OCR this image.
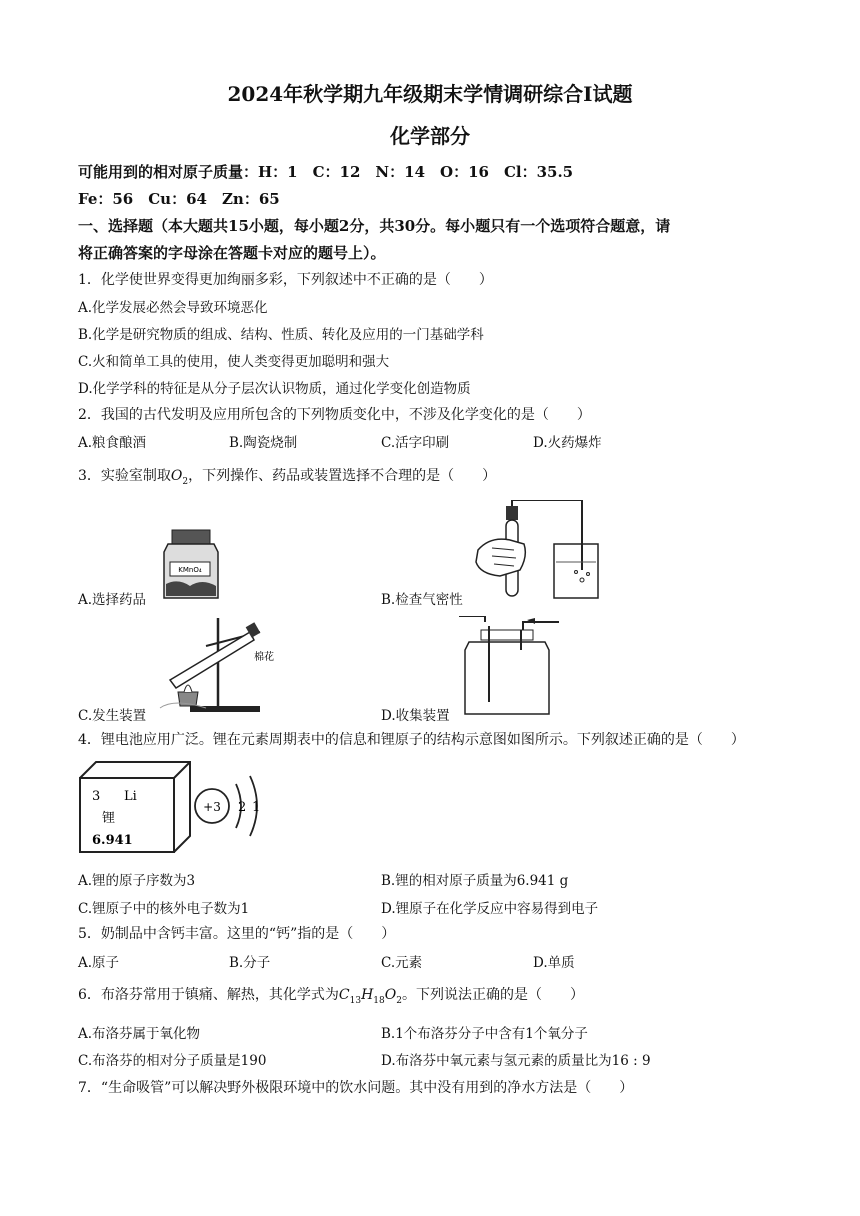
2024年秋学期九年级期末学情调研综合I试题
化学部分
可能用到的相对原子质量：H：1　C：12　N：14　O：16　Cl：35.5
Fe：56　Cu：64　Zn：65
一、选择题（本大题共15小题，每小题2分，共30分。每小题只有一个选项符合题意，请
将正确答案的字母涂在答题卡对应的题号上）。
1．化学使世界变得更加绚丽多彩，下列叙述中不正确的是（　　）
A.化学发展必然会导致环境恶化
B.化学是研究物质的组成、结构、性质、转化及应用的一门基础学科
C.火和简单工具的使用，使人类变得更加聪明和强大
D.化学学科的特征是从分子层次认识物质，通过化学变化创造物质
2．我国的古代发明及应用所包含的下列物质变化中，不涉及化学变化的是（　　）
A.粮食酿酒	B.陶瓷烧制	C.活字印刷	D.火药爆炸
3．实验室制取$O_2$，下列操作、药品或装置选择不合理的是（　　）
KMnO₄
A.选择药品	B.检查气密性
棉花
C.发生装置	D.收集装置
4．锂电池应用广泛。锂在元素周期表中的信息和锂原子的结构示意图如图所示。下列叙述正确的是（　　）
3 Li
锂
6.941
+3 2 1
A.锂的原子序数为3	B.锂的相对原子质量为6.941 g
C.锂原子中的核外电子数为1	D.锂原子在化学反应中容易得到电子
5．奶制品中含钙丰富。这里的“钙”指的是（　　）
A.原子	B.分子	C.元素	D.单质
6．布洛芬常用于镇痛、解热，其化学式为$C_{13}H_{18}O_2$。下列说法正确的是（　　）
A.布洛芬属于氧化物	B.1个布洛芬分子中含有1个氧分子
C.布洛芬的相对分子质量是190	D.布洛芬中氧元素与氢元素的质量比为16 : 9
7．“生命吸管”可以解决野外极限环境中的饮水问题。其中没有用到的净水方法是（　　）
